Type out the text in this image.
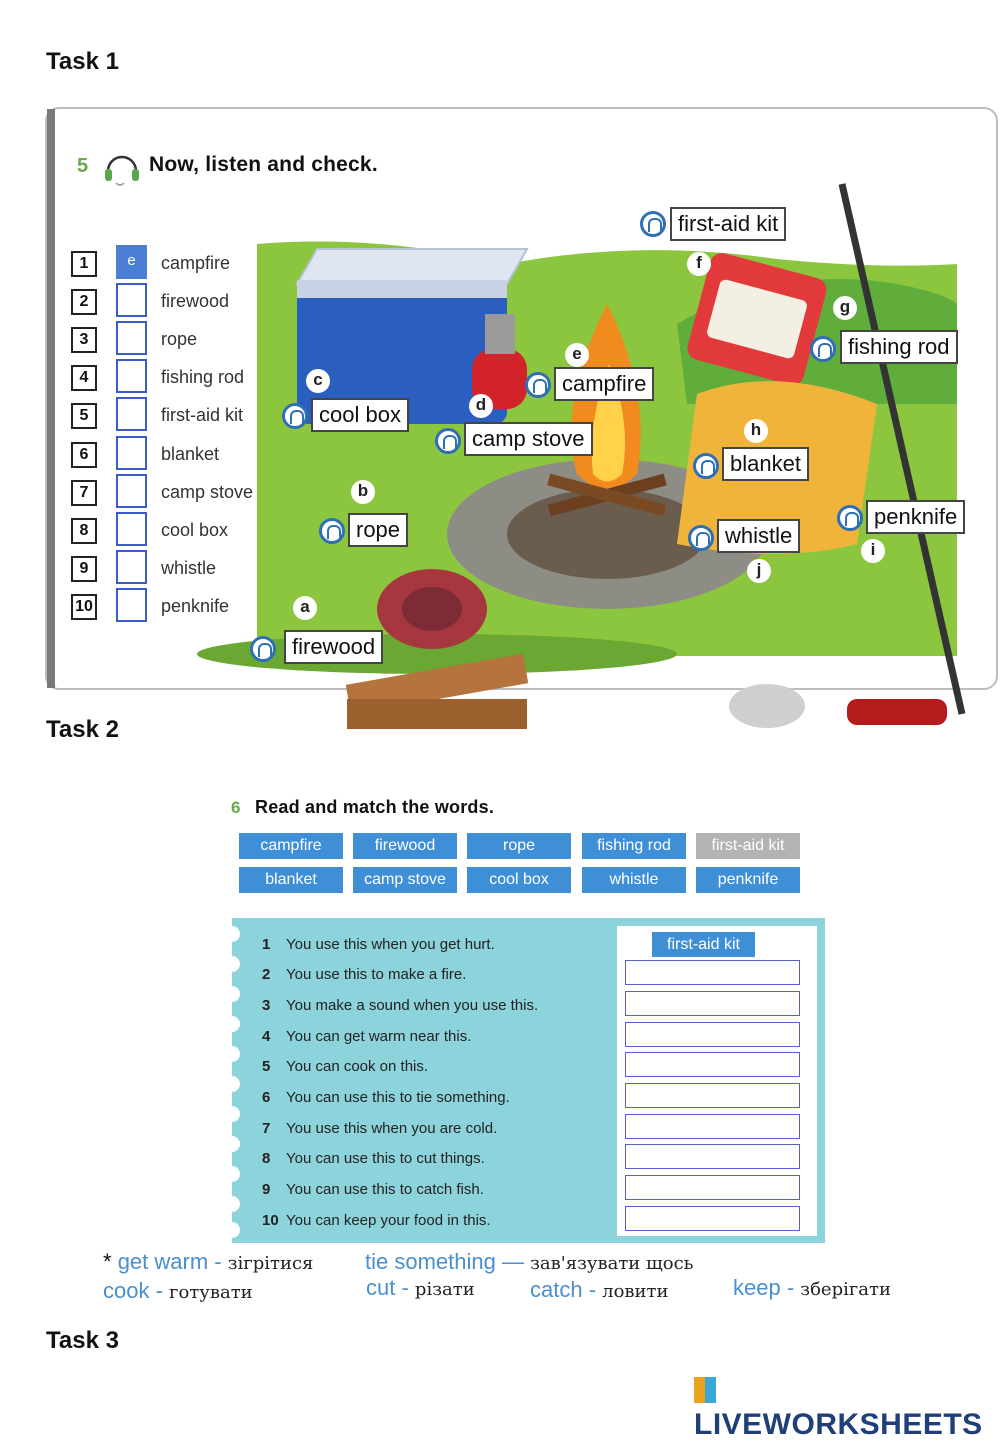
Task 1
Task 2
Task 3
5	Now, listen and check.
1	e	campfire
2	firewood
3	rope
4	fishing rod
5	first-aid kit
6	blanket
7	camp stove
8	cool box
9	whistle
10	penknife
first-aid kit
fishing rod
campfire
cool box
camp stove
blanket
rope
penknife
whistle
firewood
f
g
e
c
d
h
b
i
j
a
6 Read and match the words.
campfire	firewood	rope	fishing rod	first-aid kit
blanket	camp stove	cool box	whistle	penknife
1 You use this when you get hurt.	first-aid kit
2 You use this to make a fire.
3 You make a sound when you use this.
4 You can get warm near this.
5 You can cook on this.
6 You can use this to tie something.
7 You use this when you are cold.
8 You can use this to cut things.
9 You can use this to catch fish.
10 You can keep your food in this.
* get warm - зігрітися tie something — зав'язувати щось
cook - готувати	cut - різати	catch - ловити	keep - зберігати
LIVEWORKSHEETS
